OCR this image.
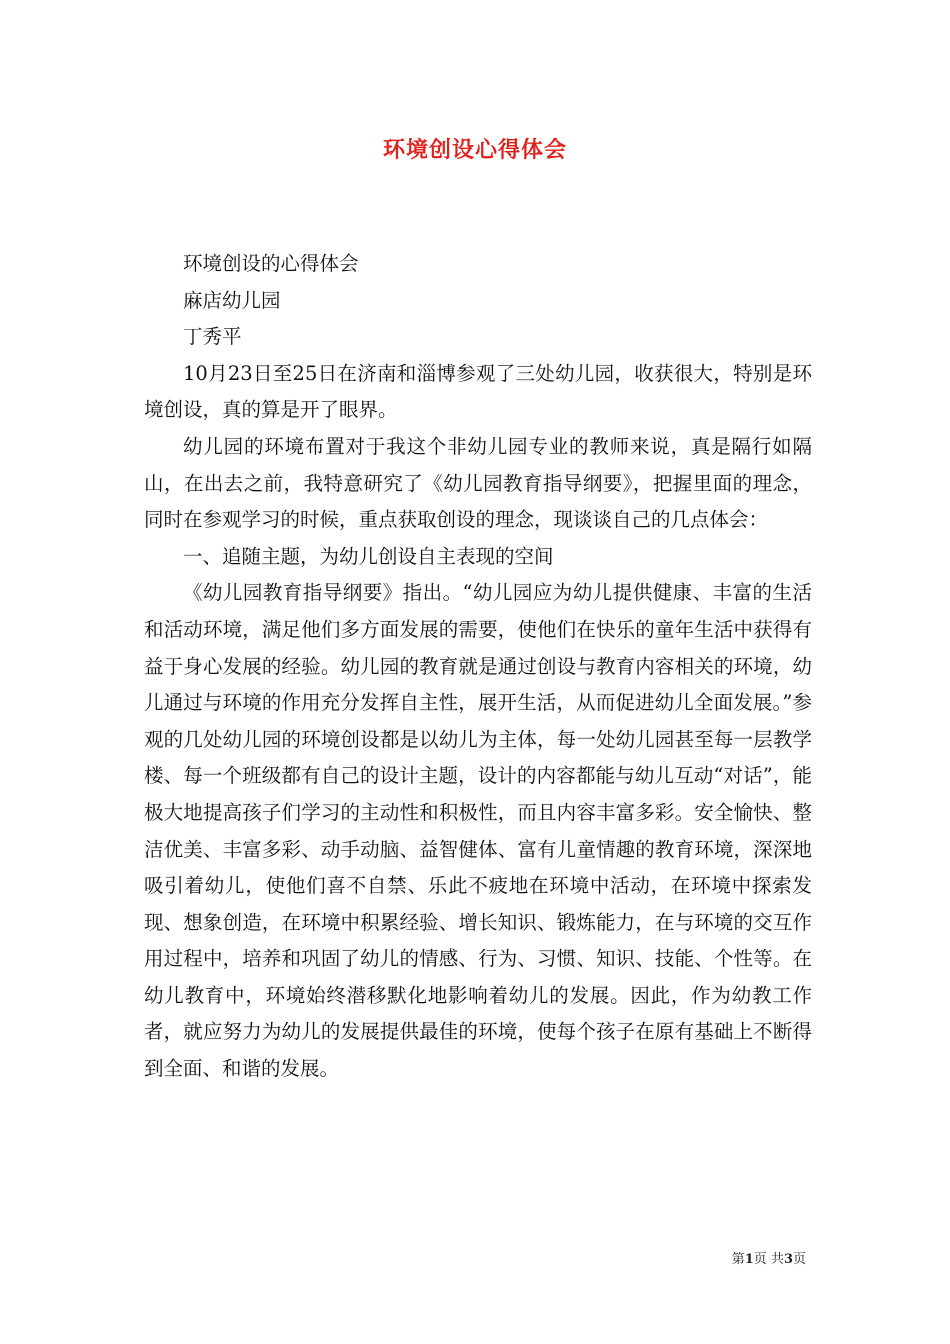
环境创设心得体会

环境创设的心得体会

麻店幼儿园

丁秀平

10月23日至25日在济南和淄博参观了三处幼儿园，收获很大，特别是环境创设，真的算是开了眼界。

幼儿园的环境布置对于我这个非幼儿园专业的教师来说，真是隔行如隔山，在出去之前，我特意研究了《幼儿园教育指导纲要》，把握里面的理念，同时在参观学习的时候，重点获取创设的理念，现谈谈自己的几点体会：

一、追随主题，为幼儿创设自主表现的空间

《幼儿园教育指导纲要》指出。“幼儿园应为幼儿提供健康、丰富的生活和活动环境，满足他们多方面发展的需要，使他们在快乐的童年生活中获得有益于身心发展的经验。幼儿园的教育就是通过创设与教育内容相关的环境，幼儿通过与环境的作用充分发挥自主性，展开生活，从而促进幼儿全面发展。”参观的几处幼儿园的环境创设都是以幼儿为主体，每一处幼儿园甚至每一层教学楼、每一个班级都有自己的设计主题，设计的内容都能与幼儿互动“对话”，能极大地提高孩子们学习的主动性和积极性，而且内容丰富多彩。安全愉快、整洁优美、丰富多彩、动手动脑、益智健体、富有儿童情趣的教育环境，深深地吸引着幼儿，使他们喜不自禁、乐此不疲地在环境中活动，在环境中探索发现、想象创造，在环境中积累经验、增长知识、锻炼能力，在与环境的交互作用过程中，培养和巩固了幼儿的情感、行为、习惯、知识、技能、个性等。在幼儿教育中，环境始终潜移默化地影响着幼儿的发展。因此，作为幼教工作者，就应努力为幼儿的发展提供最佳的环境，使每个孩子在原有基础上不断得到全面、和谐的发展。

第1页 共3页
